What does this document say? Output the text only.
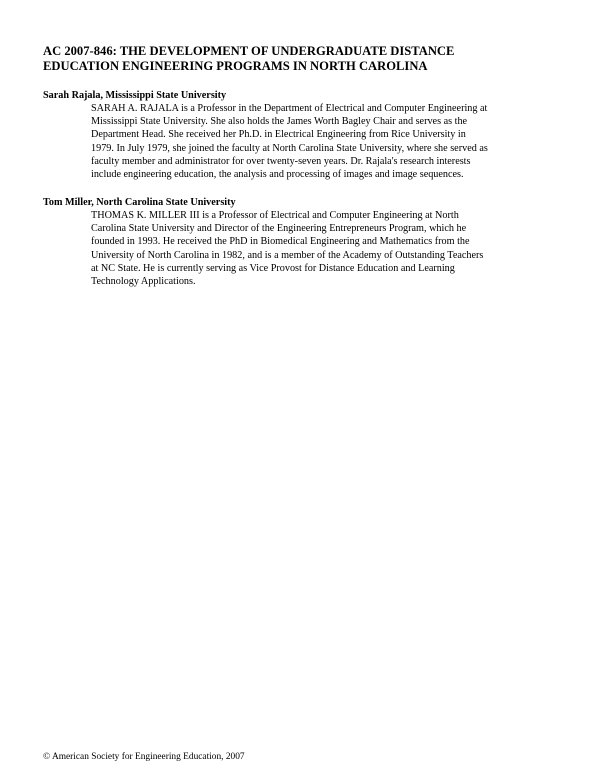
AC 2007-846: THE DEVELOPMENT OF UNDERGRADUATE DISTANCE
EDUCATION ENGINEERING PROGRAMS IN NORTH CAROLINA

Sarah Rajala, Mississippi State University

SARAH A. RAJALA is a Professor in the Department of Electrical and Computer Engineering at
Mississippi State University. She also holds the James Worth Bagley Chair and serves as the
Department Head. She received her Ph.D. in Electrical Engineering from Rice University in
1979. In July 1979, she joined the faculty at North Carolina State University, where she served as
faculty member and administrator for over twenty-seven years. Dr. Rajala's research interests
include engineering education, the analysis and processing of images and image sequences.

Tom Miller, North Carolina State University

THOMAS K. MILLER III is a Professor of Electrical and Computer Engineering at North
Carolina State University and Director of the Engineering Entrepreneurs Program, which he
founded in 1993. He received the PhD in Biomedical Engineering and Mathematics from the
University of North Carolina in 1982, and is a member of the Academy of Outstanding Teachers
at NC State. He is currently serving as Vice Provost for Distance Education and Learning
Technology Applications.

© American Society for Engineering Education, 2007
